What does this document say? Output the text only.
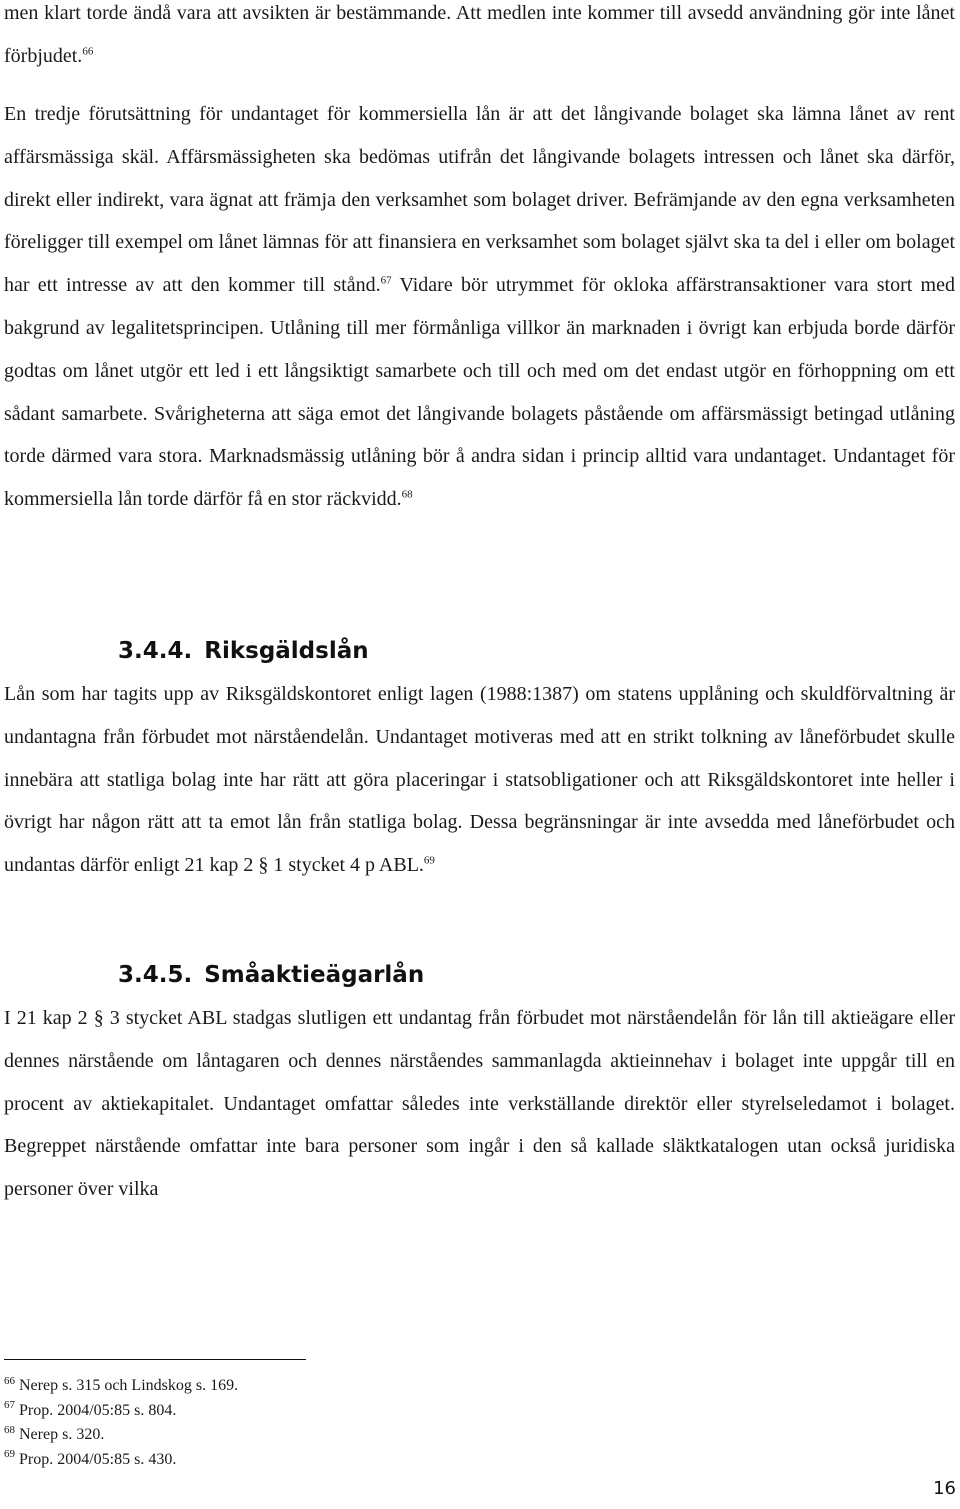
men klart torde ändå vara att avsikten är bestämmande. Att medlen inte kommer till avsedd användning gör inte lånet förbjudet.$^{66}$

En tredje förutsättning för undantaget för kommersiella lån är att det långivande bolaget ska lämna lånet av rent affärsmässiga skäl. Affärsmässigheten ska bedömas utifrån det långivande bolagets intressen och lånet ska därför, direkt eller indirekt, vara ägnat att främja den verksamhet som bolaget driver. Befrämjande av den egna verksamheten föreligger till exempel om lånet lämnas för att finansiera en verksamhet som bolaget självt ska ta del i eller om bolaget har ett intresse av att den kommer till stånd.$^{67}$ Vidare bör utrymmet för okloka affärstransaktioner vara stort med bakgrund av legalitetsprincipen. Utlåning till mer förmånliga villkor än marknaden i övrigt kan erbjuda borde därför godtas om lånet utgör ett led i ett långsiktigt samarbete och till och med om det endast utgör en förhoppning om ett sådant samarbete. Svårigheterna att säga emot det långivande bolagets påstående om affärsmässigt betingad utlåning torde därmed vara stora. Marknadsmässig utlåning bör å andra sidan i princip alltid vara undantaget. Undantaget för kommersiella lån torde därför få en stor räckvidd.$^{68}$

3.4.4. Riksgäldslån

Lån som har tagits upp av Riksgäldskontoret enligt lagen (1988:1387) om statens upplåning och skuldförvaltning är undantagna från förbudet mot närståendelån. Undantaget motiveras med att en strikt tolkning av låneförbudet skulle innebära att statliga bolag inte har rätt att göra placeringar i statsobligationer och att Riksgäldskontoret inte heller i övrigt har någon rätt att ta emot lån från statliga bolag. Dessa begränsningar är inte avsedda med låneförbudet och undantas därför enligt 21 kap 2 § 1 stycket 4 p ABL.$^{69}$

3.4.5. Småaktieägarlån

I 21 kap 2 § 3 stycket ABL stadgas slutligen ett undantag från förbudet mot närståendelån för lån till aktieägare eller dennes närstående om låntagaren och dennes närståendes sammanlagda aktieinnehav i bolaget inte uppgår till en procent av aktiekapitalet. Undantaget omfattar således inte verkställande direktör eller styrelseledamot i bolaget. Begreppet närstående omfattar inte bara personer som ingår i den så kallade släktkatalogen utan också juridiska personer över vilka

$^{66}$ Nerep s. 315 och Lindskog s. 169.

$^{67}$ Prop. 2004/05:85 s. 804.

$^{68}$ Nerep s. 320.

$^{69}$ Prop. 2004/05:85 s. 430.

16
